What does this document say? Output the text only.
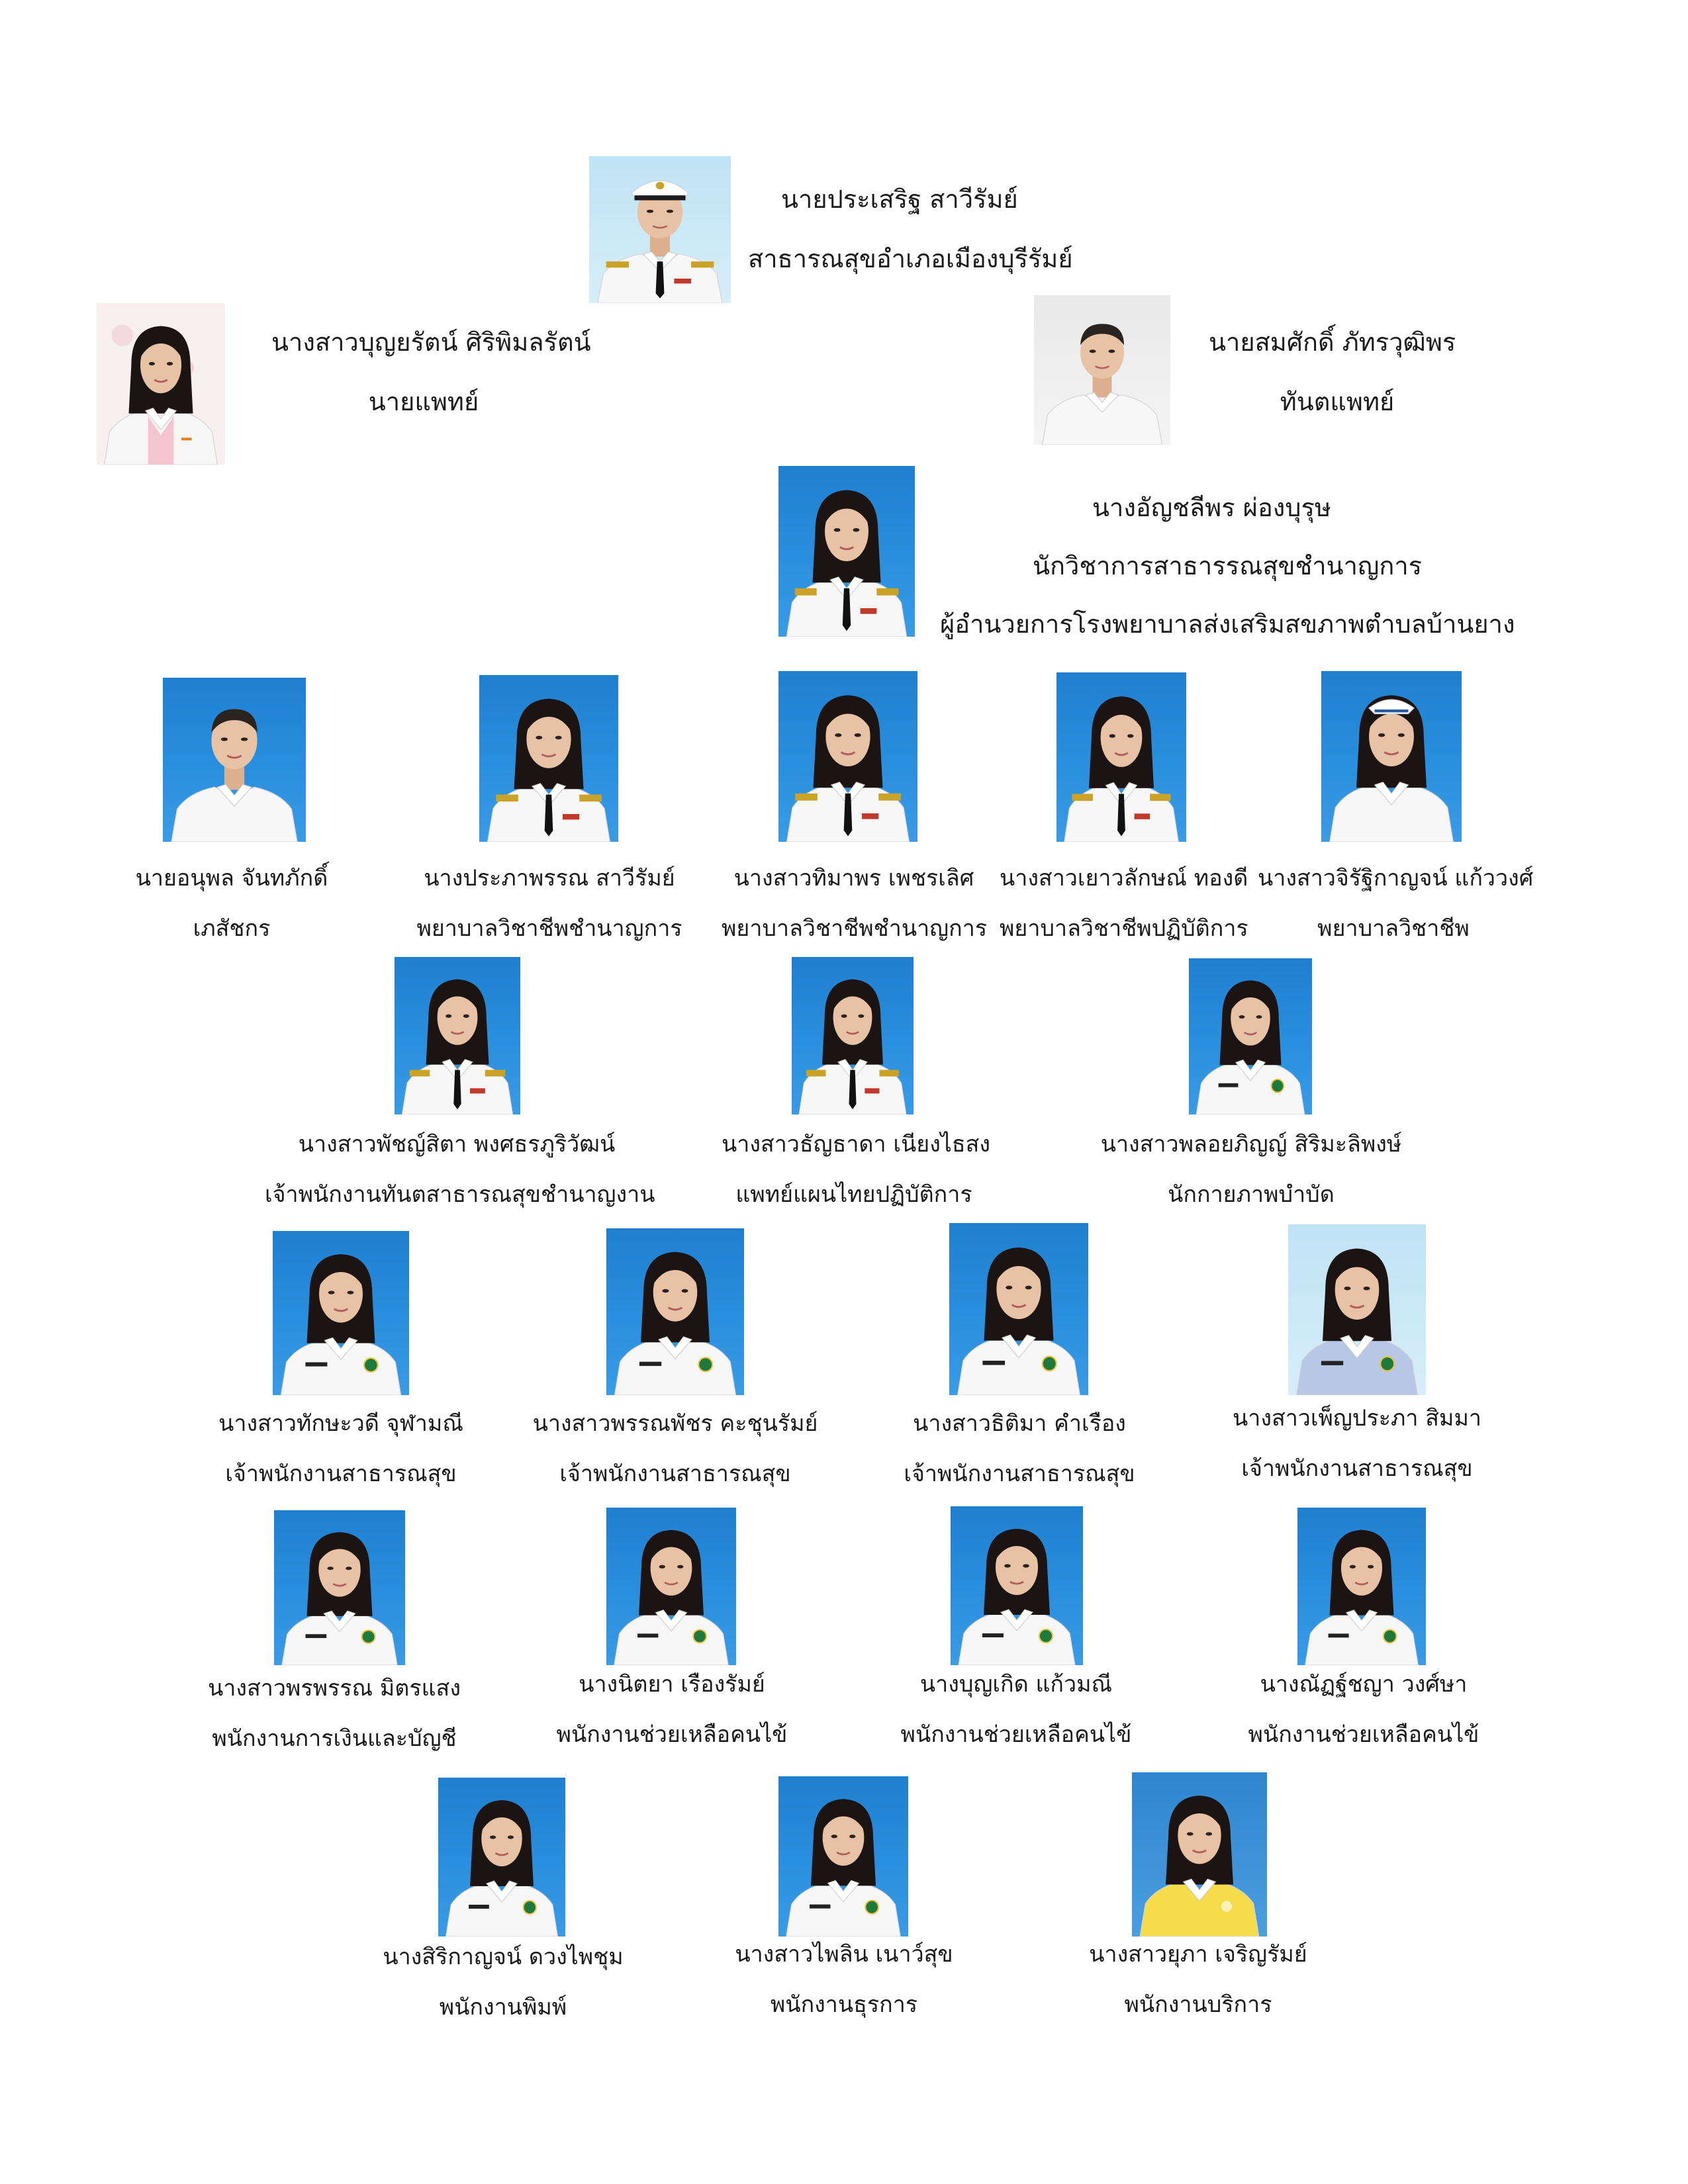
นายประเสริฐ สาวีรัมย์
สาธารณสุขอำเภอเมืองบุรีรัมย์
นางสาวบุญยรัตน์ ศิริพิมลรัตน์
นายแพทย์
นายสมศักดิ์ ภัทรวุฒิพร
ทันตแพทย์
นางอัญชลีพร ผ่องบุรุษ
นักวิชาการสาธารรณสุขชำนาญการ
ผู้อำนวยการโรงพยาบาลส่งเสริมสขภาพตำบลบ้านยาง
นายอนุพล จันทภักดิ์
เภสัชกร
นางประภาพรรณ สาวีรัมย์
พยาบาลวิชาชีพชำนาญการ
นางสาวทิมาพร เพชรเลิศ
พยาบาลวิชาชีพชำนาญการ
นางสาวเยาวลักษณ์ ทองดี
พยาบาลวิชาชีพปฏิบัติการ
นางสาวจิรัฐิกาญจน์ แก้ววงศ์
พยาบาลวิชาชีพ
นางสาวพัชญ์สิตา พงศธรภูริวัฒน์
เจ้าพนักงานทันตสาธารณสุขชำนาญงาน
นางสาวธัญธาดา เนียงไธสง
แพทย์แผนไทยปฏิบัติการ
นางสาวพลอยภิญญ์ สิริมะลิพงษ์
นักกายภาพบำบัด
นางสาวทักษะวดี จุฬามณี
เจ้าพนักงานสาธารณสุข
นางสาวพรรณพัชร คะชุนรัมย์
เจ้าพนักงานสาธารณสุข
นางสาวธิติมา คำเรือง
เจ้าพนักงานสาธารณสุข
นางสาวเพ็ญประภา สิมมา
เจ้าพนักงานสาธารณสุข
นางสาวพรพรรณ มิตรแสง
พนักงานการเงินและบัญชี
นางนิตยา เรืองรัมย์
พนักงานช่วยเหลือคนไข้
นางบุญเกิด แก้วมณี
พนักงานช่วยเหลือคนไข้
นางณัฏฐ์ชญา วงศ์ษา
พนักงานช่วยเหลือคนไข้
นางสิริกาญจน์ ดวงไพชุม
พนักงานพิมพ์
นางสาวไพลิน เนาว์สุข
พนักงานธุรการ
นางสาวยุภา เจริญรัมย์
พนักงานบริการ
